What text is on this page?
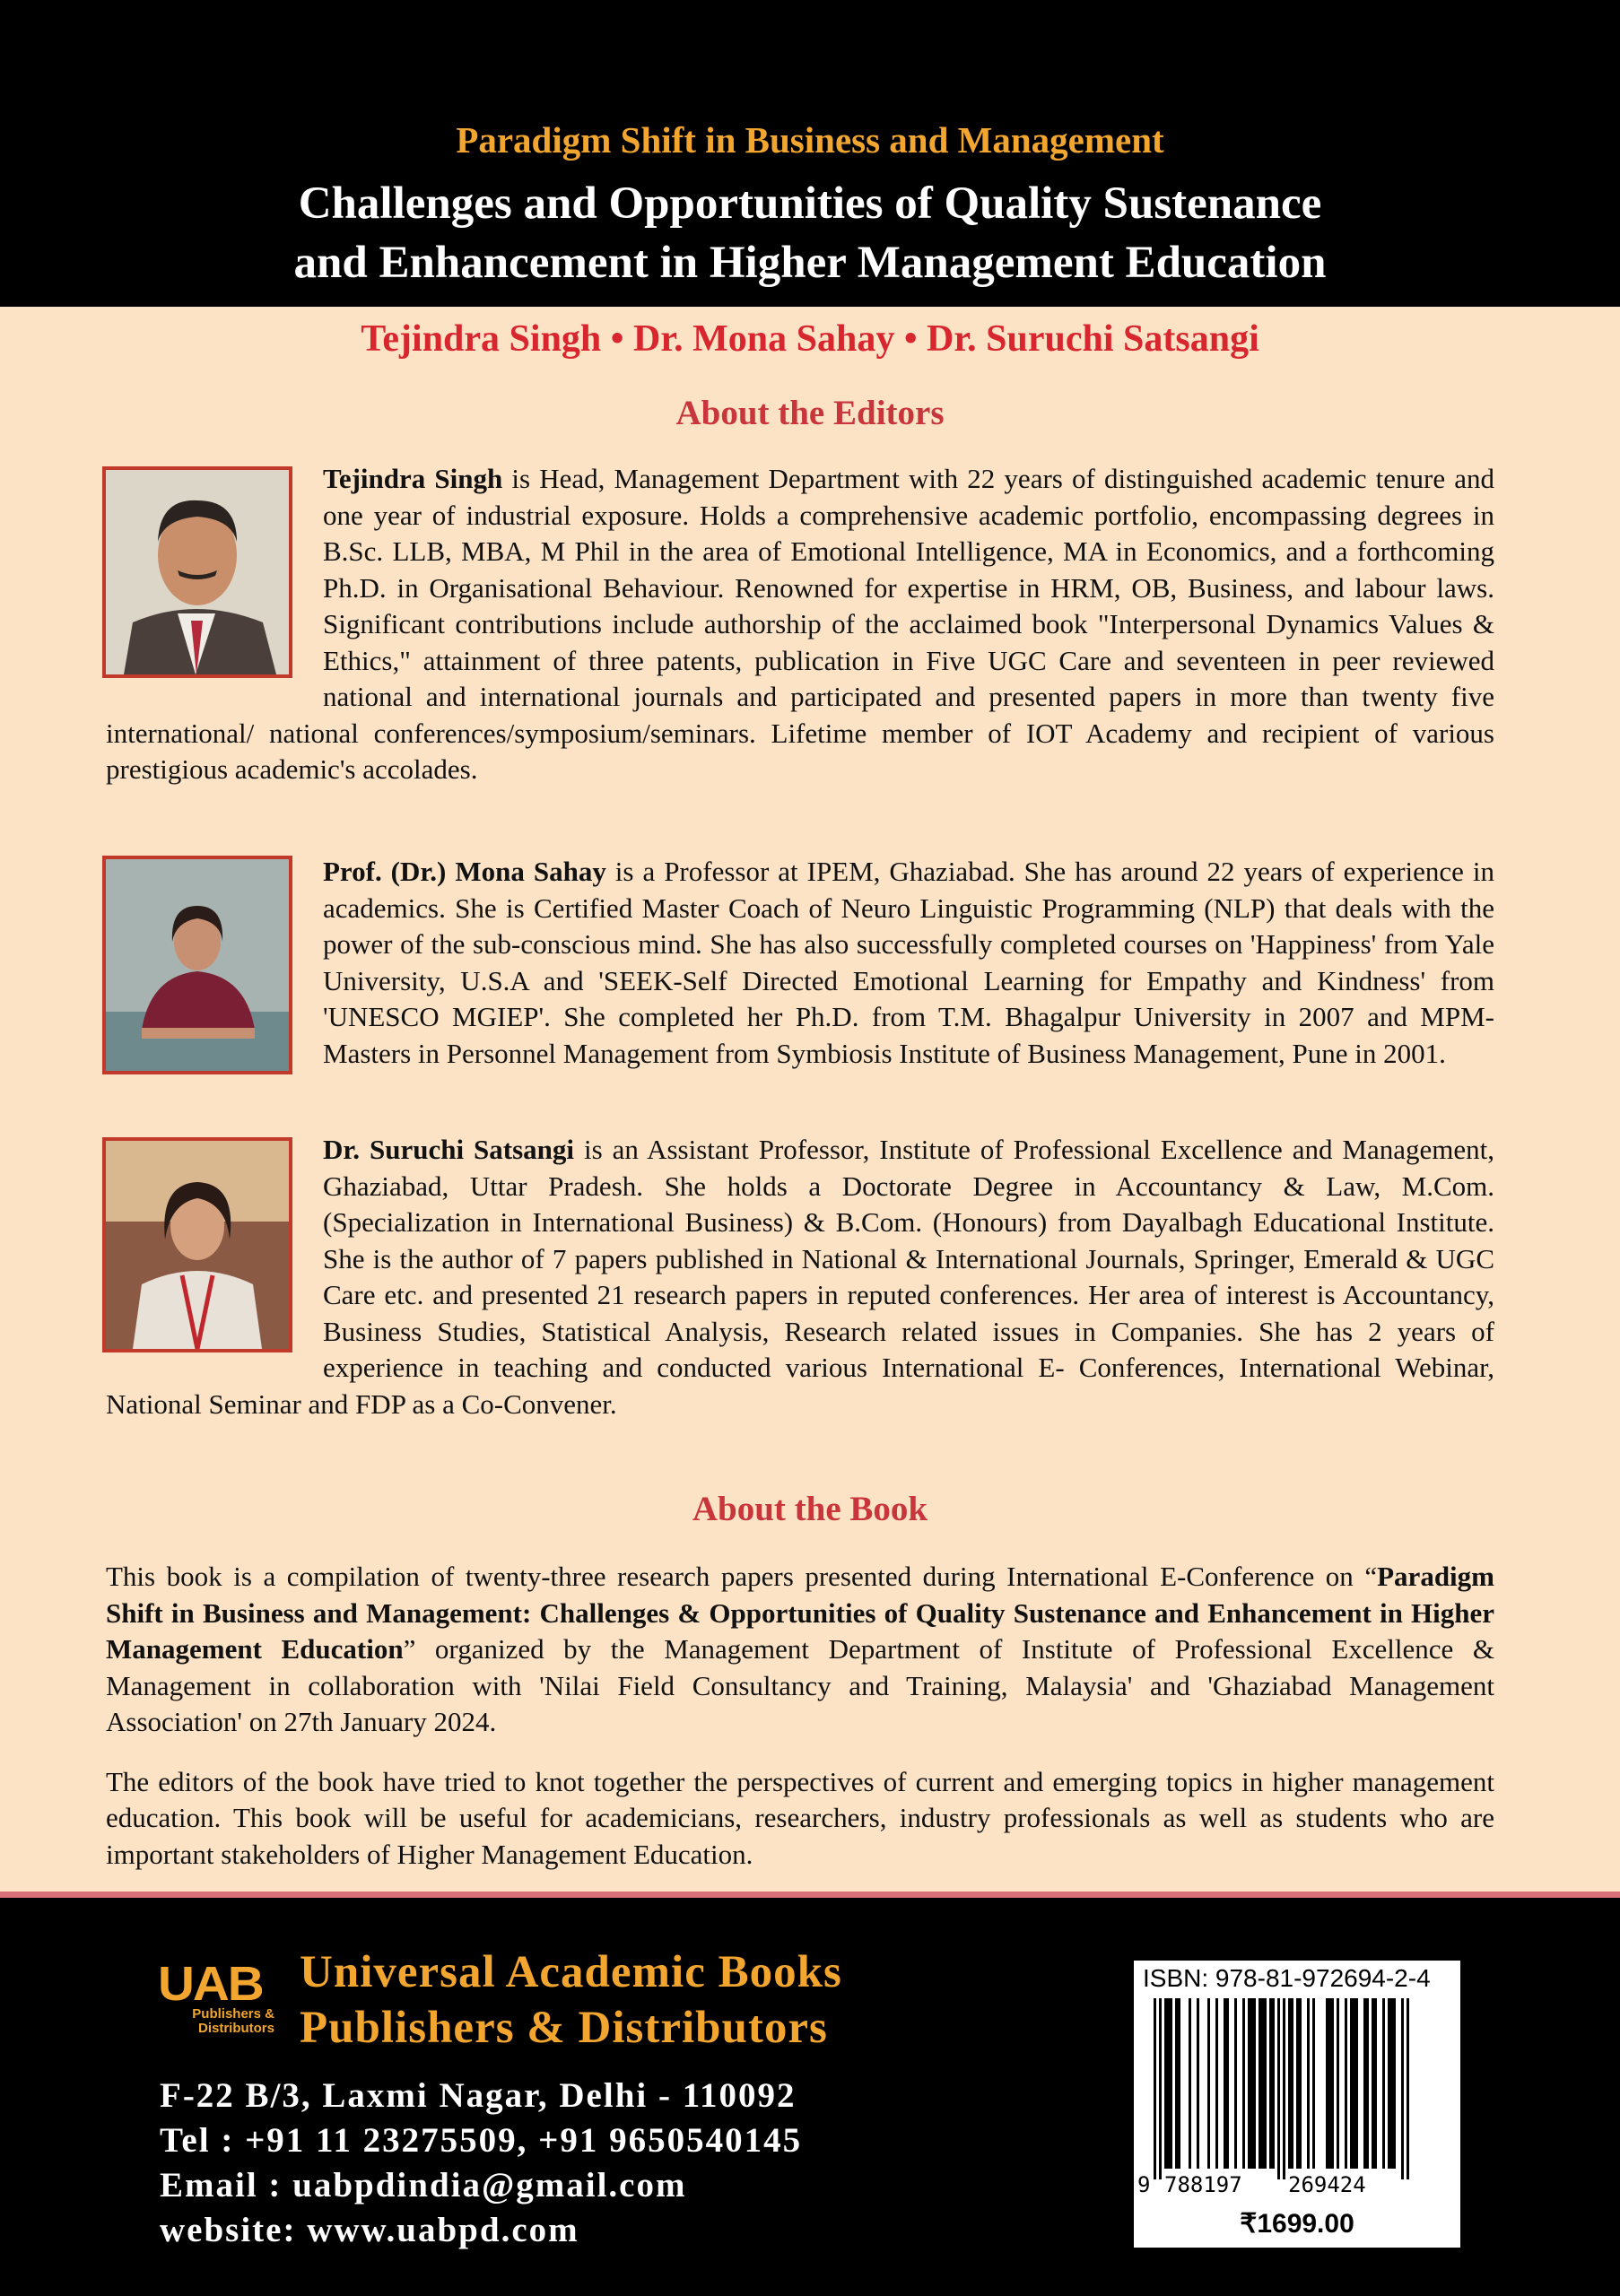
Paradigm Shift in Business and Management
Challenges and Opportunities of Quality Sustenance
and Enhancement in Higher Management Education
Tejindra Singh • Dr. Mona Sahay • Dr. Suruchi Satsangi
About the Editors
Tejindra Singh is Head, Management Department with 22 years of distinguished academic tenure and one year of industrial exposure. Holds a comprehensive academic portfolio, encompassing degrees in B.Sc. LLB, MBA, M Phil in the area of Emotional Intelligence, MA in Economics, and a forthcoming Ph.D. in Organisational Behaviour. Renowned for expertise in HRM, OB, Business, and labour laws. Significant contributions include authorship of the acclaimed book "Interpersonal Dynamics Values & Ethics," attainment of three patents, publication in Five UGC Care and seventeen in peer reviewed national and international journals and participated and presented papers in more than twenty five international/ national conferences/symposium/seminars. Lifetime member of IOT Academy and recipient of various prestigious academic's accolades.
Prof. (Dr.) Mona Sahay is a Professor at IPEM, Ghaziabad. She has around 22 years of experience in academics. She is Certified Master Coach of Neuro Linguistic Programming (NLP) that deals with the power of the sub-conscious mind. She has also successfully completed courses on 'Happiness' from Yale University, U.S.A and 'SEEK-Self Directed Emotional Learning for Empathy and Kindness' from 'UNESCO MGIEP'. She completed her Ph.D. from T.M. Bhagalpur University in 2007 and MPM-Masters in Personnel Management from Symbiosis Institute of Business Management, Pune in 2001.
Dr. Suruchi Satsangi is an Assistant Professor, Institute of Professional Excellence and Management, Ghaziabad, Uttar Pradesh. She holds a Doctorate Degree in Accountancy & Law, M.Com. (Specialization in International Business) & B.Com. (Honours) from Dayalbagh Educational Institute. She is the author of 7 papers published in National & International Journals, Springer, Emerald & UGC Care etc. and presented 21 research papers in reputed conferences. Her area of interest is Accountancy, Business Studies, Statistical Analysis, Research related issues in Companies. She has 2 years of experience in teaching and conducted various International E- Conferences, International Webinar, National Seminar and FDP as a Co-Convener.
About the Book

This book is a compilation of twenty-three research papers presented during International E-Conference on “Paradigm Shift in Business and Management: Challenges & Opportunities of Quality Sustenance and Enhancement in Higher Management Education” organized by the Management Department of Institute of Professional Excellence & Management in collaboration with 'Nilai Field Consultancy and Training, Malaysia' and 'Ghaziabad Management Association' on 27th January 2024.

The editors of the book have tried to knot together the perspectives of current and emerging topics in higher management education. This book will be useful for academicians, researchers, industry professionals as well as students who are important stakeholders of Higher Management Education.

UAB
Publishers &
Distributors
Universal Academic Books
Publishers & Distributors
F-22 B/3, Laxmi Nagar, Delhi - 110092
Tel : +91 11 23275509, +91 9650540145
Email : uabpdindia@gmail.com
website: www.uabpd.com
ISBN: 978-81-972694-2-4
9 788197 269424
₹1699.00
